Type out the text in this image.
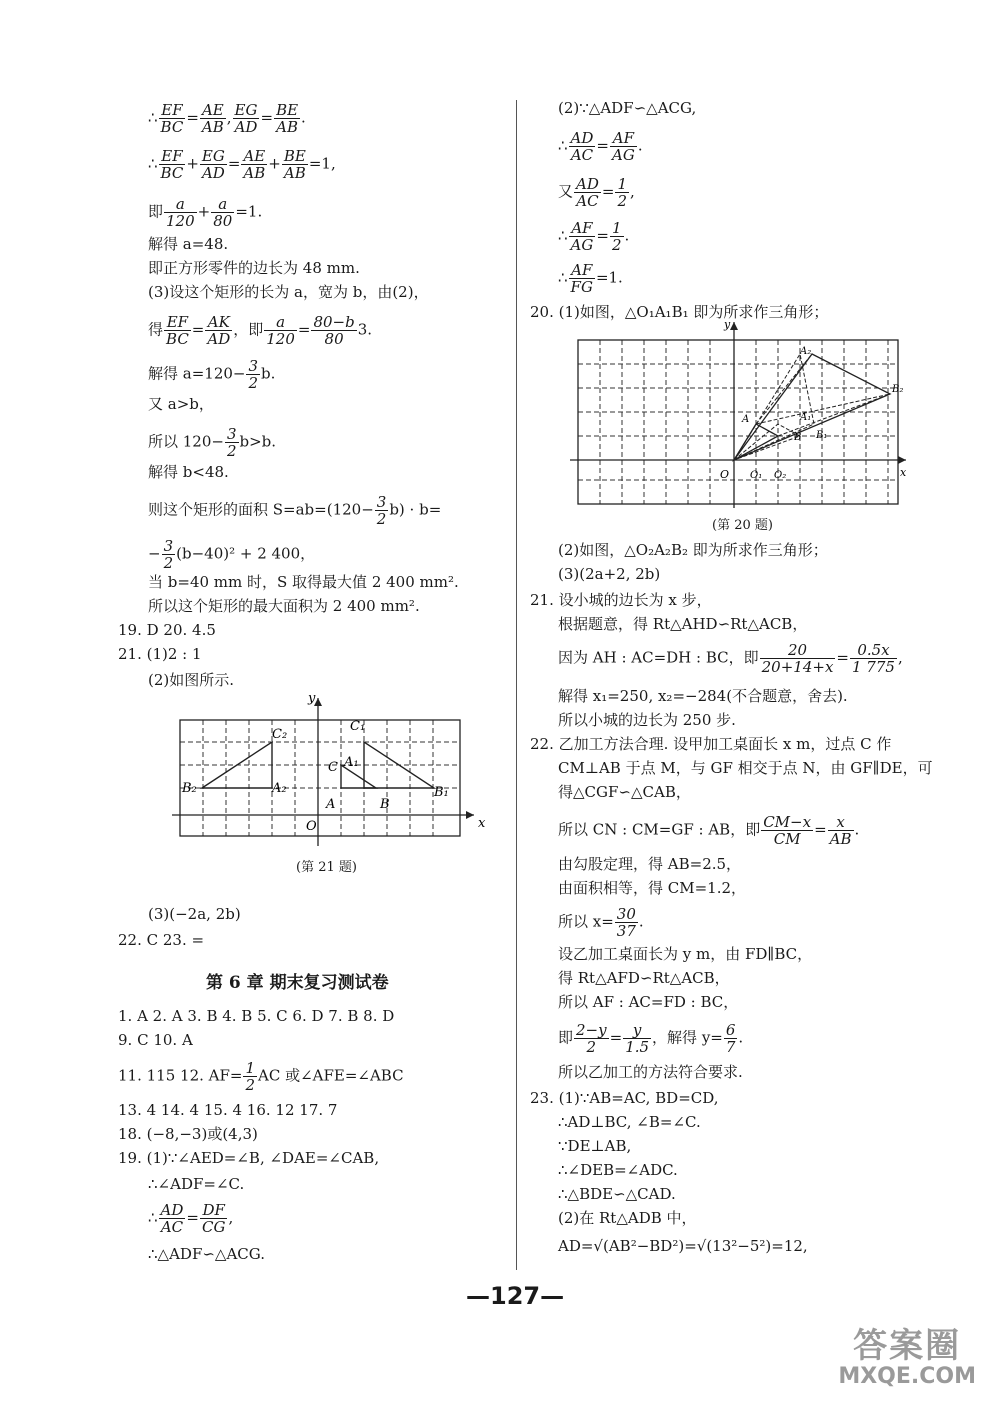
∴ $\frac{EF}{BC} = \frac{AE}{AB}$ , $\frac{EG}{AD} = \frac{BE}{AB}$ .
∴ $\frac{EF}{BC} + \frac{EG}{AD} = \frac{AE}{AB} + \frac{BE}{AB} =1$,
即 $\frac{a}{120} + \frac{a}{80} =1$.
解得 a=48.
即正方形零件的边长为 48 mm.
(3)设这个矩形的长为 a，宽为 b，由(2)，
得 $\frac{EF}{BC} = \frac{AK}{AD}$ ，即 $\frac{a}{120} = \frac{80-b}{80} 3$.
解得 $a=120- \frac{3}{2} b$.
又 a>b，
所以 $120- \frac{3}{2} b>b$.
解得 b<48.
则这个矩形的面积 $S=ab=(120- \frac{3}{2} b) \cdot b=$
− $\frac{3}{2} (b-40)^2 + 2$ 400，
当 b=40 mm 时，S 取得最大值 2 400 mm².
所以这个矩形的最大面积为 2 400 mm².
19. D 20. 4.5
21. (1)2 : 1
(2)如图所示.
y
x
O
C₂
C₁
B₂	A₂
A₁
B₁
C
A	B
(第 21 题)
(3)(−2a, 2b)
22. C 23. =
第 6 章 期末复习测试卷
1. A 2. A 3. B 4. B 5. C 6. D 7. B 8. D
9. C 10. A
11. 115 12. $AF= \frac{1}{2}$ AC 或∠AFE=∠ABC
13. 4 14. 4 15. 4 16. 12 17. 7
18. (−8,−3)或(4,3)
19. (1)∵∠AED=∠B, ∠DAE=∠CAB,
∴∠ADF=∠C.
∴ $\frac{AD}{AC} = \frac{DF}{CG}$ ,
∴△ADF∽△ACG.
(2)∵△ADF∽△ACG,
∴ $\frac{AD}{AC} = \frac{AF}{AG}$ .
又 $\frac{AD}{AC} = \frac{1}{2}$ ,
∴ $\frac{AF}{AG} = \frac{1}{2}$ .
∴ $\frac{AF}{FG} =1$.
20. (1)如图，△O₁A₁B₁ 即为所求作三角形；
y
x
O O₁ O₂
A	A₁
A₂
B B₁
B₂
(第 20 题)
(2)如图，△O₂A₂B₂ 即为所求作三角形；
(3)(2a+2, 2b)
21. 设小城的边长为 x 步，
根据题意，得 Rt△AHD∽Rt△ACB，
因为 AH : AC=DH : BC，即 $\frac{20}{20+14+x} = \frac{0.5x}{1 775}$ ,
解得 x₁=250, x₂=−284(不合题意，舍去).
所以小城的边长为 250 步.
22. 乙加工方法合理. 设甲加工桌面长 x m，过点 C 作
CM⊥AB 于点 M，与 GF 相交于点 N，由 GF∥DE，可
得△CGF∽△CAB，
所以 CN : CM=GF : AB，即 $\frac{CM-x}{CM} = \frac{x}{AB}$ .
由勾股定理，得 AB=2.5，
由面积相等，得 CM=1.2，
所以 $x= \frac{30}{37}$ .
设乙加工桌面长为 y m，由 FD∥BC，
得 Rt△AFD∽Rt△ACB，
所以 AF : AC=FD : BC，
即 $\frac{2-y}{2} = \frac{y}{1.5}$ ，解得 $y= \frac{6}{7}$ .
所以乙加工的方法符合要求.
23. (1)∵AB=AC, BD=CD,
∴AD⊥BC, ∠B=∠C.
∵DE⊥AB,
∴∠DEB=∠ADC.
∴△BDE∽△CAD.
(2)在 Rt△ADB 中，
AD=√(AB²−BD²)=√(13²−5²)=12,
—127—
答案圈
MXQE.COM
